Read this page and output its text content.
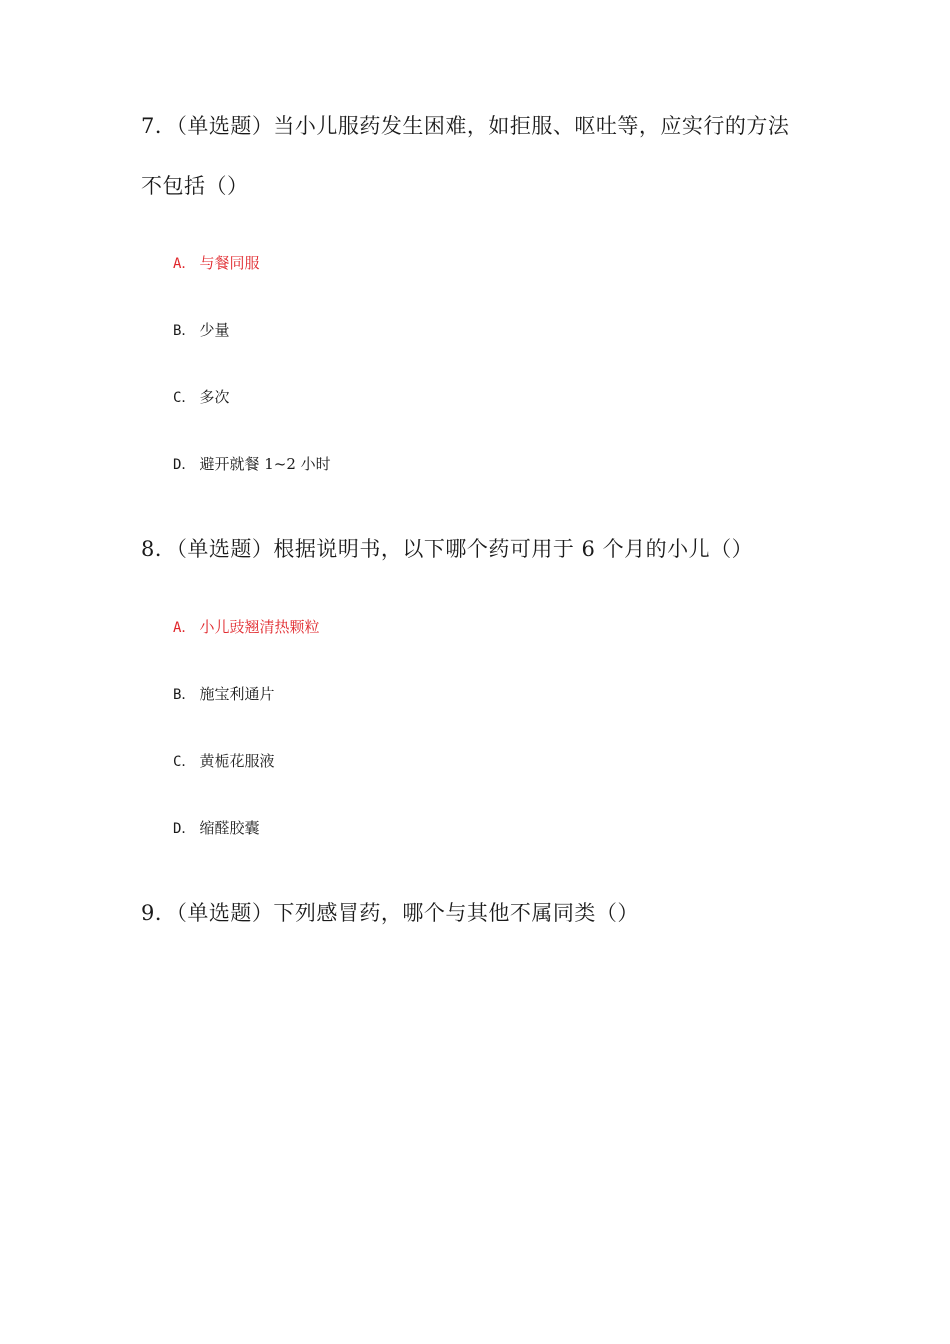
7．（单选题）当小儿服药发生困难，如拒服、呕吐等，应实行的方法
不包括（）
A． 与餐同服
B． 少量
C． 多次
D． 避开就餐 1~2 小时
8．（单选题）根据说明书，以下哪个药可用于 6 个月的小儿（）
A． 小儿豉翘清热颗粒
B． 施宝利通片
C． 黄栀花服液
D． 缩醛胶囊
9．（单选题）下列感冒药，哪个与其他不属同类（）
